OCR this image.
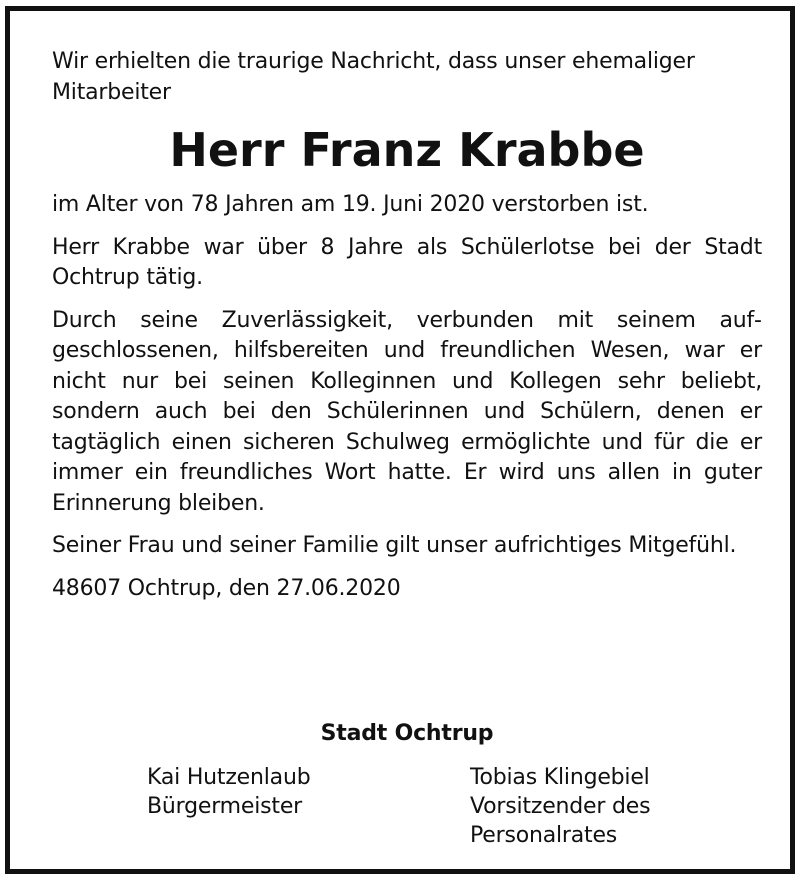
Wir erhielten die traurige Nachricht, dass unser ehemaliger Mitarbeiter

Herr Franz Krabbe

im Alter von 78 Jahren am 19. Juni 2020 verstorben ist.

Herr Krabbe war über 8 Jahre als Schülerlotse bei der Stadt Ochtrup tätig.

Durch seine Zuverlässigkeit, verbunden mit seinem aufgeschlossenen, hilfsbereiten und freundlichen Wesen, war er nicht nur bei seinen Kolleginnen und Kollegen sehr beliebt, sondern auch bei den Schülerinnen und Schülern, denen er tagtäglich einen sicheren Schulweg ermöglichte und für die er immer ein freundliches Wort hatte. Er wird uns allen in guter Erinnerung bleiben.

Seiner Frau und seiner Familie gilt unser aufrichtiges Mitgefühl.

48607 Ochtrup, den 27.06.2020

Stadt Ochtrup
Kai Hutzenlaub
Bürgermeister
Tobias Klingebiel
Vorsitzender des
Personalrates
